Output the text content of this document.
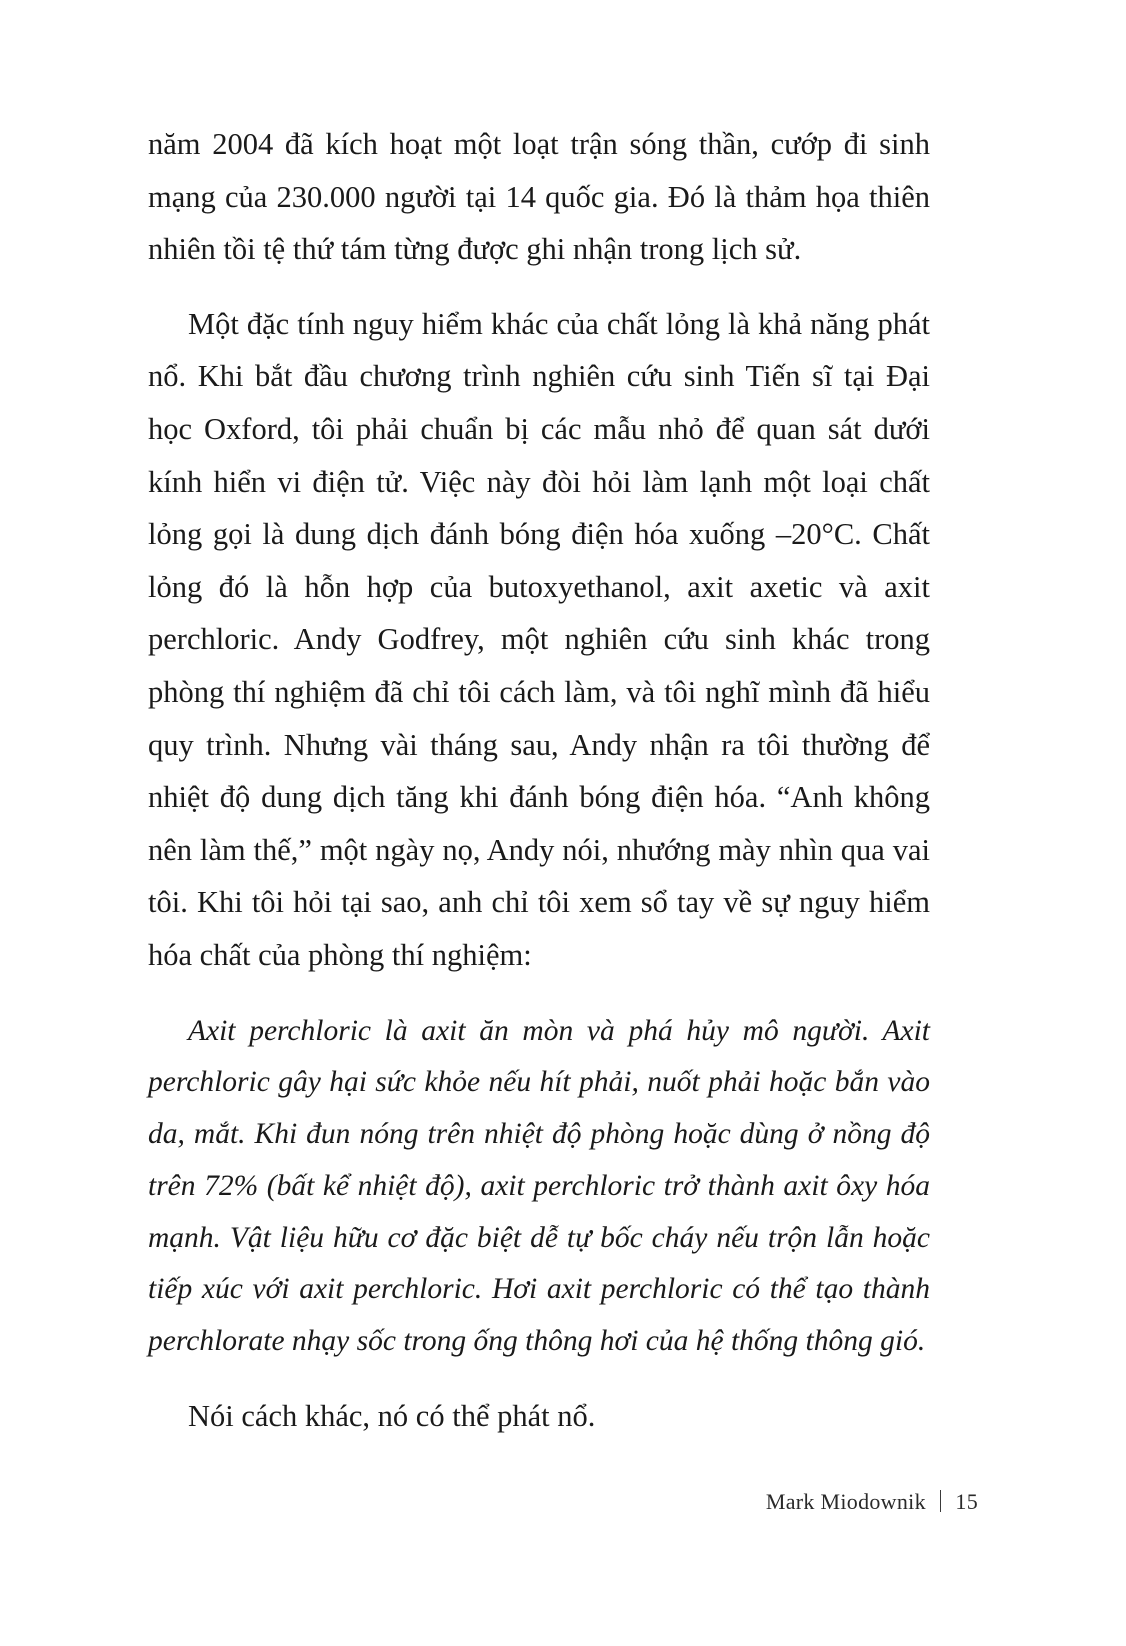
năm 2004 đã kích hoạt một loạt trận sóng thần, cướp đi sinh mạng của 230.000 người tại 14 quốc gia. Đó là thảm họa thiên nhiên tồi tệ thứ tám từng được ghi nhận trong lịch sử.

Một đặc tính nguy hiểm khác của chất lỏng là khả năng phát nổ. Khi bắt đầu chương trình nghiên cứu sinh Tiến sĩ tại Đại học Oxford, tôi phải chuẩn bị các mẫu nhỏ để quan sát dưới kính hiển vi điện tử. Việc này đòi hỏi làm lạnh một loại chất lỏng gọi là dung dịch đánh bóng điện hóa xuống –20°C. Chất lỏng đó là hỗn hợp của butoxyethanol, axit axetic và axit perchloric. Andy Godfrey, một nghiên cứu sinh khác trong phòng thí nghiệm đã chỉ tôi cách làm, và tôi nghĩ mình đã hiểu quy trình. Nhưng vài tháng sau, Andy nhận ra tôi thường để nhiệt độ dung dịch tăng khi đánh bóng điện hóa. “Anh không nên làm thế,” một ngày nọ, Andy nói, nhướng mày nhìn qua vai tôi. Khi tôi hỏi tại sao, anh chỉ tôi xem sổ tay về sự nguy hiểm hóa chất của phòng thí nghiệm:

Axit perchloric là axit ăn mòn và phá hủy mô người. Axit perchloric gây hại sức khỏe nếu hít phải, nuốt phải hoặc bắn vào da, mắt. Khi đun nóng trên nhiệt độ phòng hoặc dùng ở nồng độ trên 72% (bất kể nhiệt độ), axit perchloric trở thành axit ôxy hóa mạnh. Vật liệu hữu cơ đặc biệt dễ tự bốc cháy nếu trộn lẫn hoặc tiếp xúc với axit perchloric. Hơi axit perchloric có thể tạo thành perchlorate nhạy sốc trong ống thông hơi của hệ thống thông gió.

Nói cách khác, nó có thể phát nổ.

Mark Miodownik 15
